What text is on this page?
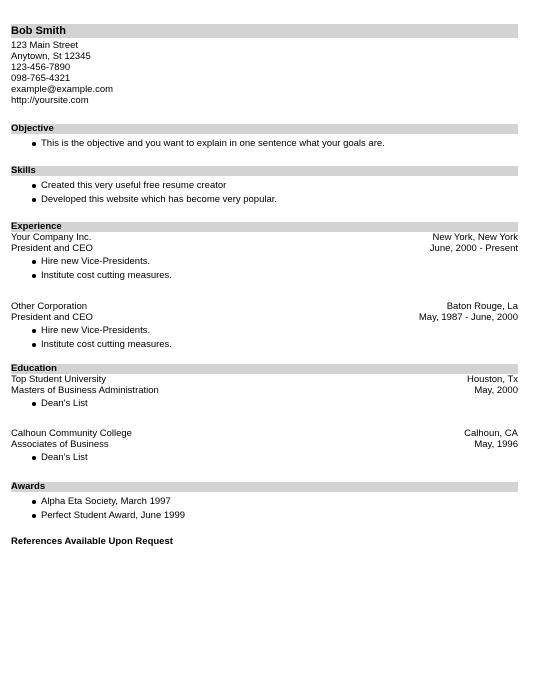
Bob Smith
123 Main Street
Anytown, St 12345
123-456-7890
098-765-4321
example@example.com
http://yoursite.com
Objective
This is the objective and you want to explain in one sentence what your goals are.
Skills
Created this very useful free resume creator
Developed this website which has become very popular.
Experience
Your Company Inc.	New York, New York
President and CEO	June, 2000 - Present
Hire new Vice-Presidents.
Institute cost cutting measures.
Other Corporation	Baton Rouge, La
President and CEO	May, 1987 - June, 2000
Hire new Vice-Presidents.
Institute cost cutting measures.
Education
Top Student University	Houston, Tx
Masters of Business Administration	May, 2000
Dean's List
Calhoun Community College	Calhoun, CA
Associates of Business	May, 1996
Dean's List
Awards
Alpha Eta Society, March 1997
Perfect Student Award, June 1999
References Available Upon Request
